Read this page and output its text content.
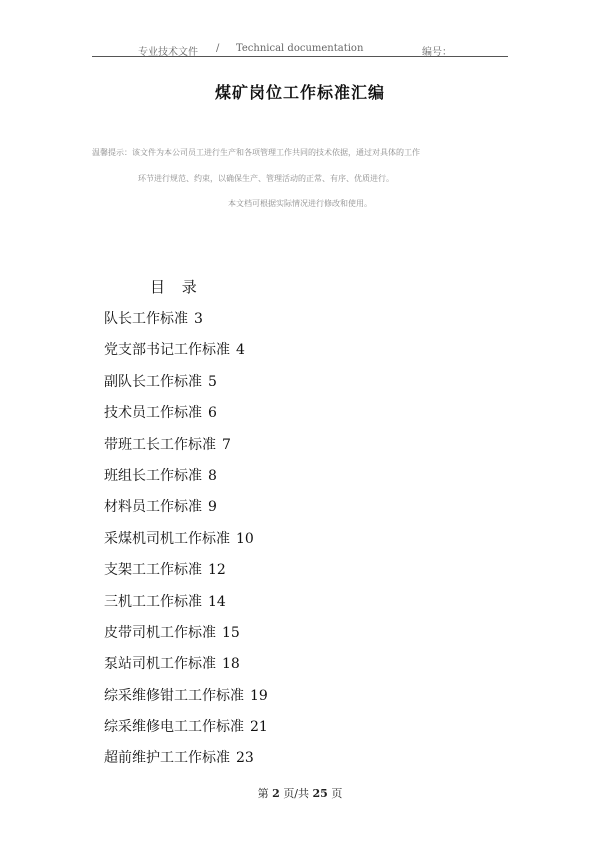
专业技术文件 / Technical documentation	编号：
煤矿岗位工作标准汇编

温馨提示：该文件为本公司员工进行生产和各项管理工作共同的技术依据，通过对具体的工作

环节进行规范、约束，以确保生产、管理活动的正常、有序、优质进行。

本文档可根据实际情况进行修改和使用。

目 录
队长工作标准 3
党支部书记工作标准 4
副队长工作标准 5
技术员工作标准 6
带班工长工作标准 7
班组长工作标准 8
材料员工作标准 9
采煤机司机工作标准 10
支架工工作标准 12
三机工工作标准 14
皮带司机工作标准 15
泵站司机工作标准 18
综采维修钳工工作标准 19
综采维修电工工作标准 21
超前维护工工作标准 23
第 2 页/共 25 页
